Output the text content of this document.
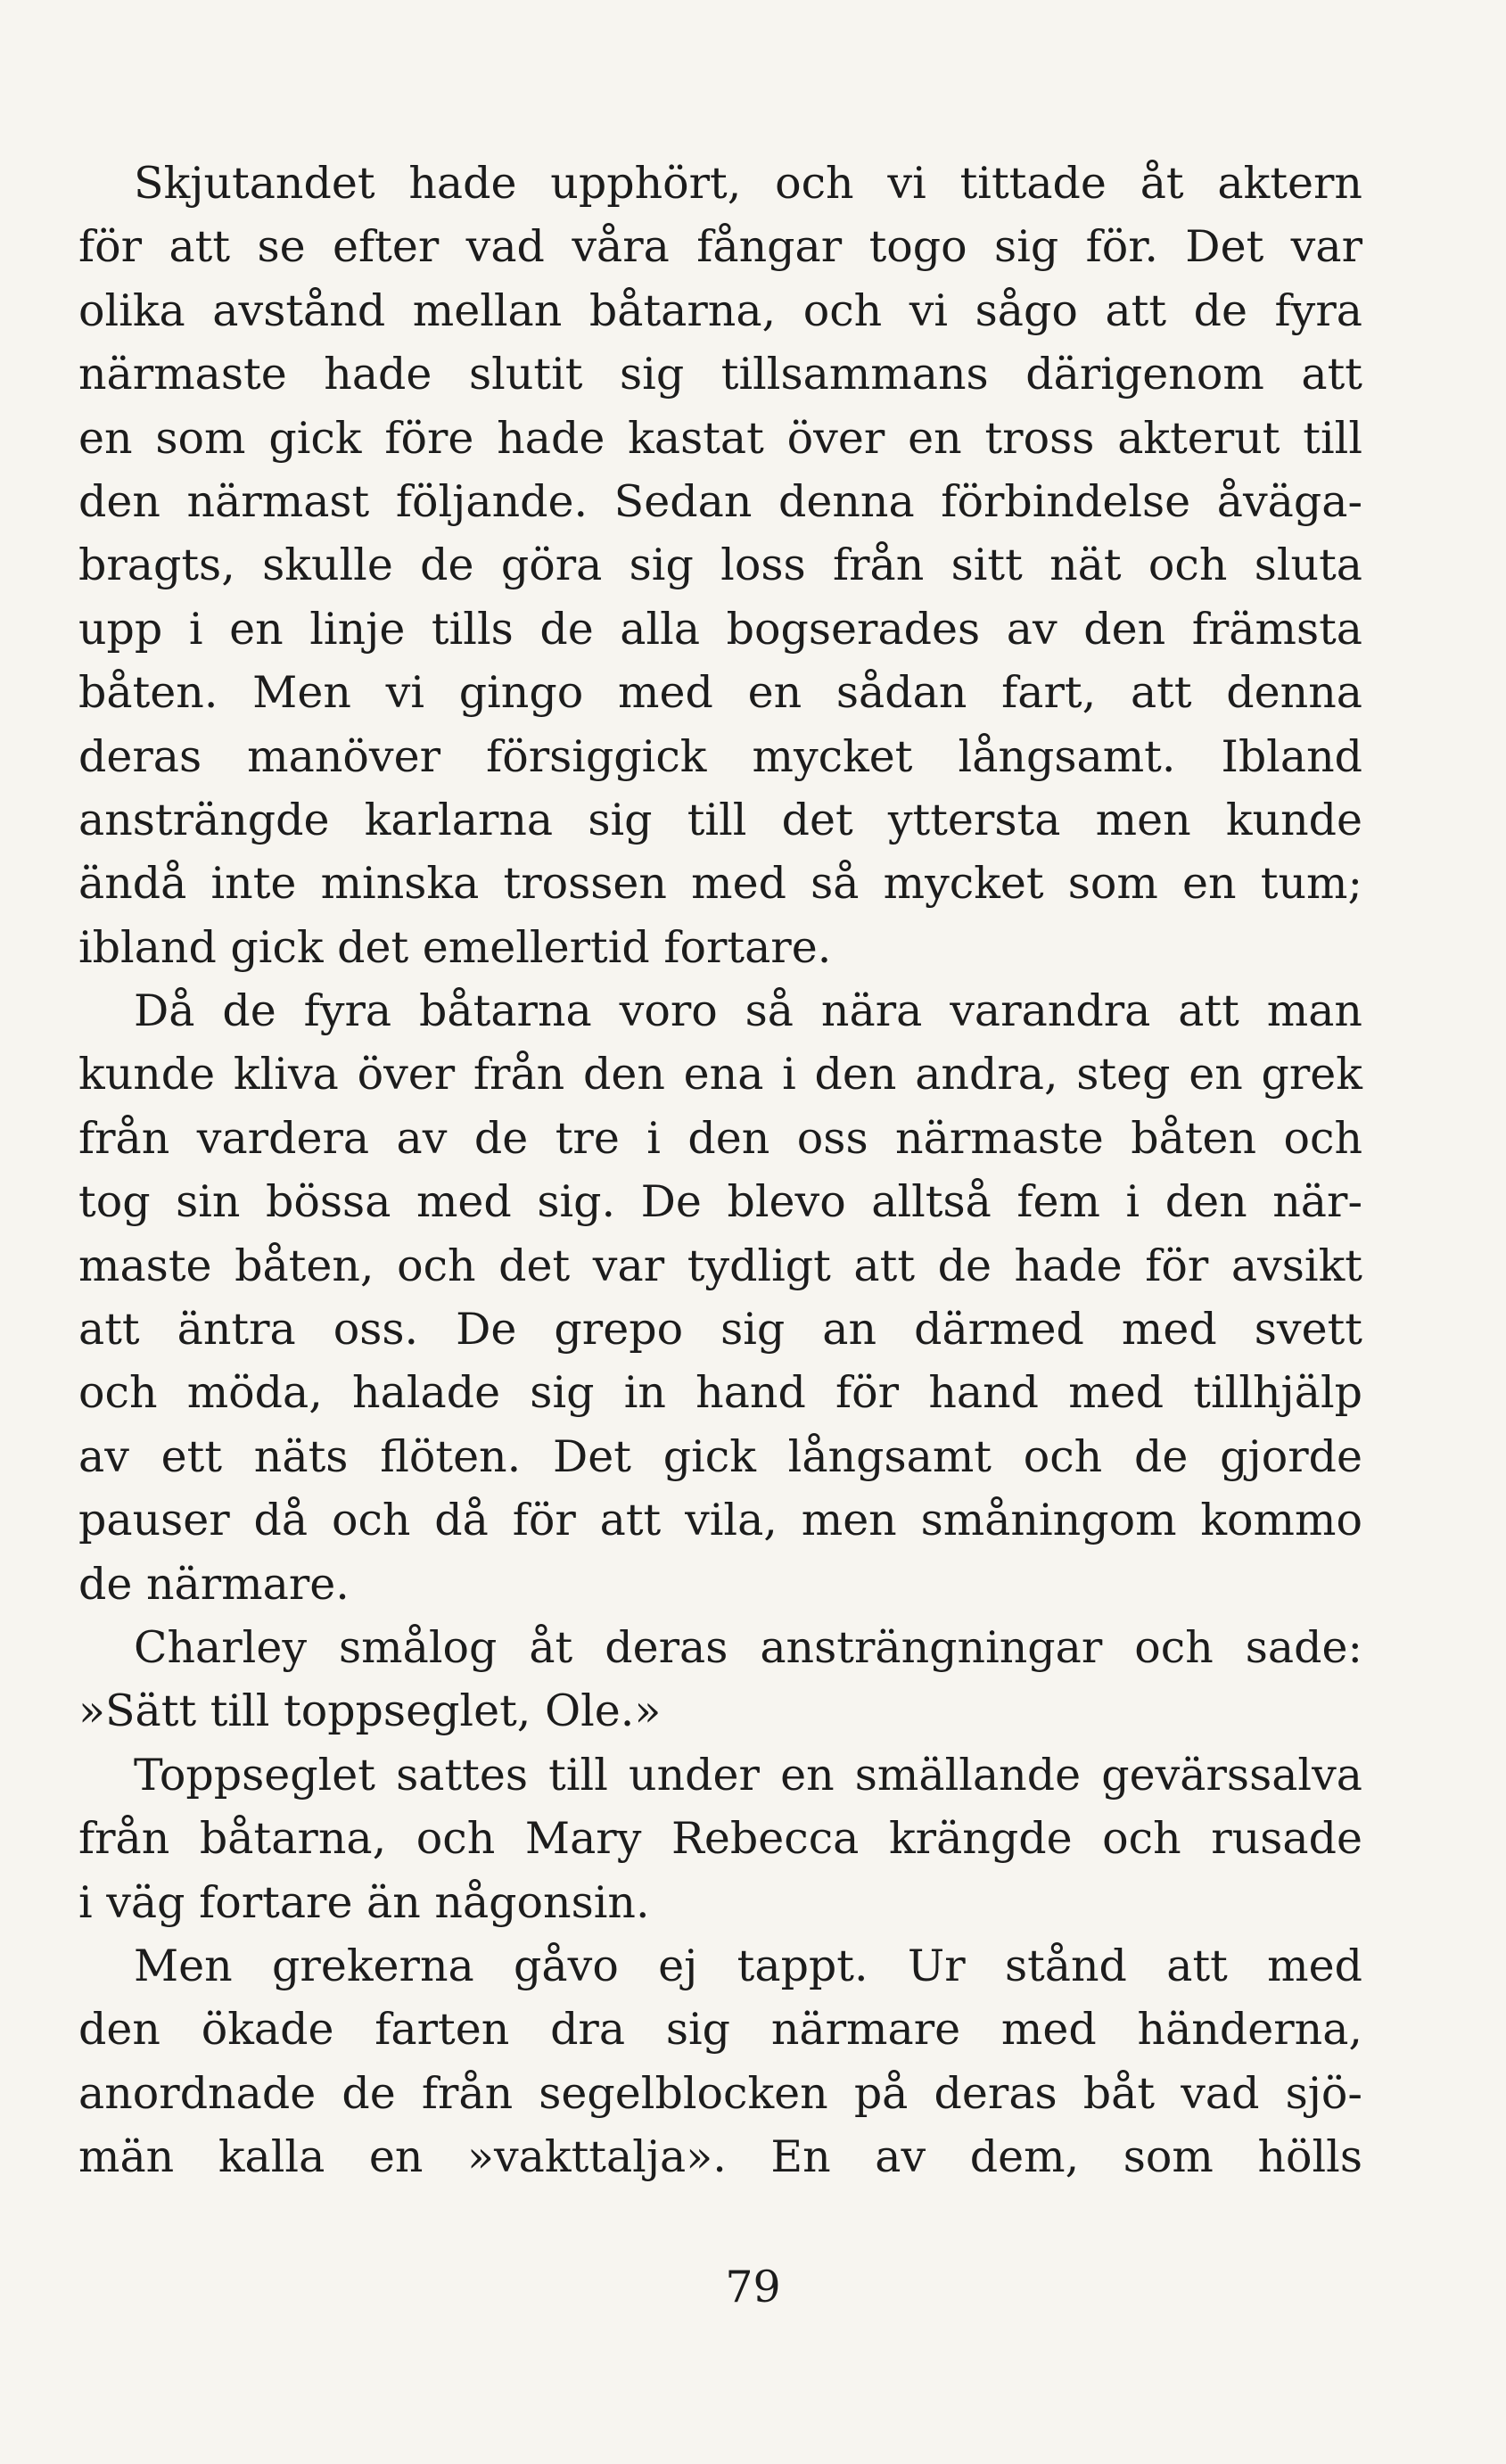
Skjutandet hade upphört, och vi tittade åt aktern
för att se efter vad våra fångar togo sig för. Det var
olika avstånd mellan båtarna, och vi sågo att de fyra
närmaste hade slutit sig tillsammans därigenom att
en som gick före hade kastat över en tross akterut till
den närmast följande. Sedan denna förbindelse åväga-
bragts, skulle de göra sig loss från sitt nät och sluta
upp i en linje tills de alla bogserades av den främsta
båten. Men vi gingo med en sådan fart, att denna
deras manöver försiggick mycket långsamt. Ibland
ansträngde karlarna sig till det yttersta men kunde
ändå inte minska trossen med så mycket som en tum;
ibland gick det emellertid fortare.
Då de fyra båtarna voro så nära varandra att man
kunde kliva över från den ena i den andra, steg en grek
från vardera av de tre i den oss närmaste båten och
tog sin bössa med sig. De blevo alltså fem i den när-
maste båten, och det var tydligt att de hade för avsikt
att äntra oss. De grepo sig an därmed med svett
och möda, halade sig in hand för hand med tillhjälp
av ett näts flöten. Det gick långsamt och de gjorde
pauser då och då för att vila, men småningom kommo
de närmare.
Charley smålog åt deras ansträngningar och sade:
»Sätt till toppseglet, Ole.»
Toppseglet sattes till under en smällande gevärssalva
från båtarna, och Mary Rebecca krängde och rusade
i väg fortare än någonsin.
Men grekerna gåvo ej tappt. Ur stånd att med
den ökade farten dra sig närmare med händerna,
anordnade de från segelblocken på deras båt vad sjö-
män kalla en »vakttalja». En av dem, som hölls
79
